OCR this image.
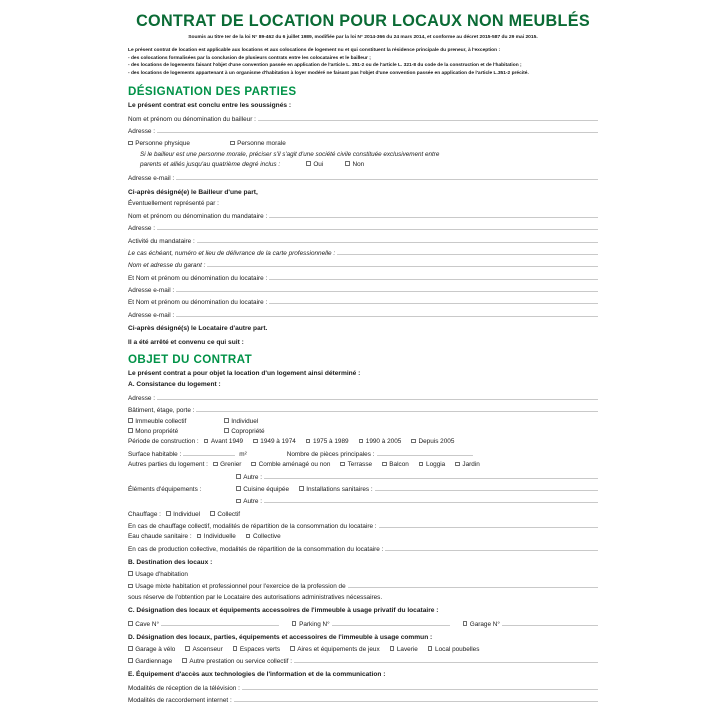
CONTRAT DE LOCATION POUR LOCAUX NON MEUBLÉS
Soumis au titre Ier de la loi N° 89-462 du 6 juillet 1989, modifiée par la loi N° 2014-366 du 24 mars 2014, et conforme au décret 2015-587 du 29 mai 2015.
Le présent contrat de location est applicable aux locations et aux colocations de logement nu et qui constituent la résidence principale du preneur, à l'exception :
- des colocations formalisées par la conclusion de plusieurs contrats entre les colocataires et le bailleur ;
- des locations de logements faisant l'objet d'une convention passée en application de l'article L. 351-2 ou de l'article L. 321-8 du code de la construction et de l'habitation ;
- des locations de logements appartenant à un organisme d'habitation à loyer modéré ne faisant pas l'objet d'une convention passée en application de l'article L.351-2 précité.
DÉSIGNATION DES PARTIES
Le présent contrat est conclu entre les soussignés :
Nom et prénom ou dénomination du bailleur :
Adresse :
Personne physique	Personne morale
Si le bailleur est une personne morale, préciser s'il s'agit d'une société civile constituée exclusivement entre
parents et alliés jusqu'au quatrième degré inclus :	Oui	Non
Adresse e-mail :
Ci-après désigné(e) le Bailleur d'une part,
Éventuellement représenté par :
Nom et prénom ou dénomination du mandataire :
Adresse :
Activité du mandataire :
Le cas échéant, numéro et lieu de délivrance de la carte professionnelle :
Nom et adresse du garant :
Et Nom et prénom ou dénomination du locataire :
Adresse e-mail :
Et Nom et prénom ou dénomination du locataire :
Adresse e-mail :
Ci-après désigné(s) le Locataire d'autre part.
Il a été arrêté et convenu ce qui suit :
OBJET DU CONTRAT
Le présent contrat a pour objet la location d'un logement ainsi déterminé :
A. Consistance du logement :
Adresse :
Bâtiment, étage, porte :
Immeuble collectif	Individuel
Mono propriété	Copropriété
Période de construction : Avant 1949	1949 à 1974	1975 à 1989	1990 à 2005	Depuis 2005
Surface habitable :	m²	Nombre de pièces principales :
Autres parties du logement : Grenier	Comble aménagé ou non	Terrasse	Balcon	Loggia	Jardin
Autre :
Éléments d'équipements :	Cuisine équipée	Installations sanitaires :
Autre :
Chauffage : Individuel	Collectif
En cas de chauffage collectif, modalités de répartition de la consommation du locataire :
Eau chaude sanitaire : Individuelle	Collective
En cas de production collective, modalités de répartition de la consommation du locataire :
B. Destination des locaux :
Usage d'habitation
Usage mixte habitation et professionnel pour l'exercice de la profession de
sous réserve de l'obtention par le Locataire des autorisations administratives nécessaires.
C. Désignation des locaux et équipements accessoires de l'immeuble à usage privatif du locataire :
Cave N°	Parking N°	Garage N°
D. Désignation des locaux, parties, équipements et accessoires de l'immeuble à usage commun :
Garage à vélo	Ascenseur	Espaces verts	Aires et équipements de jeux	Laverie	Local poubelles
Gardiennage	Autre prestation ou service collectif :
E. Équipement d'accès aux technologies de l'information et de la communication :
Modalités de réception de la télévision :
Modalités de raccordement internet :
